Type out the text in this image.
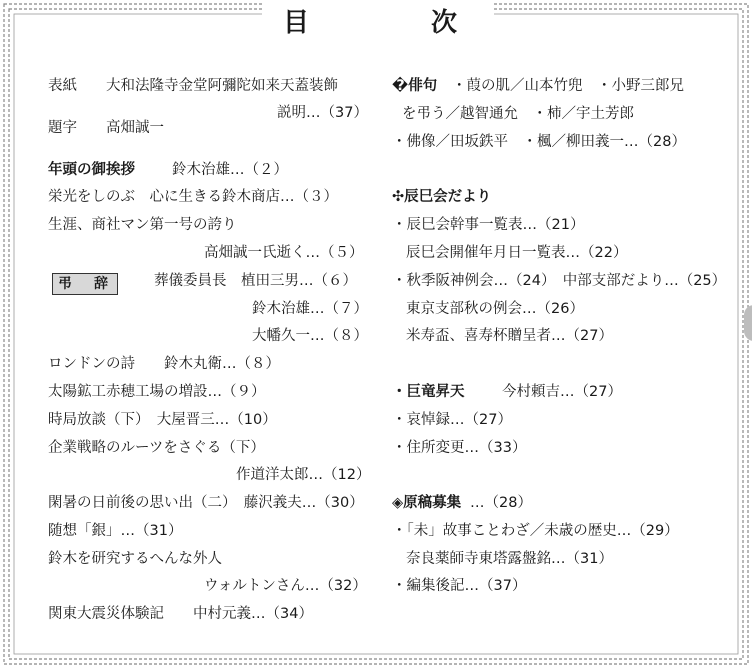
目	次
表紙　　大和法隆寺金堂阿彌陀如来天蓋装飾
説明…（37）
題字　　高畑誠一
年頭の御挨拶	鈴木治雄…（２）
栄光をしのぶ　心に生きる鈴木商店…（３）
生涯、商社マン第一号の誇り
高畑誠一氏逝く…（５）
弔　辞	葬儀委員長　植田三男…（６）
鈴木治雄…（７）
大幡久一…（８）
ロンドンの詩　　鈴木丸衛…（８）
太陽鉱工赤穂工場の増設…（９）
時局放談（下）　大屋晋三…（10）
企業戦略のルーツをさぐる（下）
作道洋太郎…（12）
閑暑の日前後の思い出（二）　藤沢義夫…（30）
随想「銀」…（31）
鈴木を研究するへんな外人
ウォルトンさん…（32）
関東大震災体験記　　中村元義…（34）
�俳句 ・葭の肌／山本竹兜　・小野三郎兄
を弔う／越智通允　・柿／宇土芳郎
・佛像／田坂鉄平　・楓／柳田義一…（28）
✣辰巳会だより
・辰巳会幹事一覧表…（21）
辰巳会開催年月日一覧表…（22）
・秋季阪神例会…（24）　中部支部だより…（25）
東京支部秋の例会…（26）
米寿盃、喜寿杯贈呈者…（27）
・巨竜昇天	今村頼吉…（27）
・哀悼録…（27）
・住所変更…（33）
◈原稿募集 …（28）
・「未」故事ことわざ／未歳の歴史…（29）
奈良薬師寺東塔露盤銘…（31）
・編集後記…（37）
